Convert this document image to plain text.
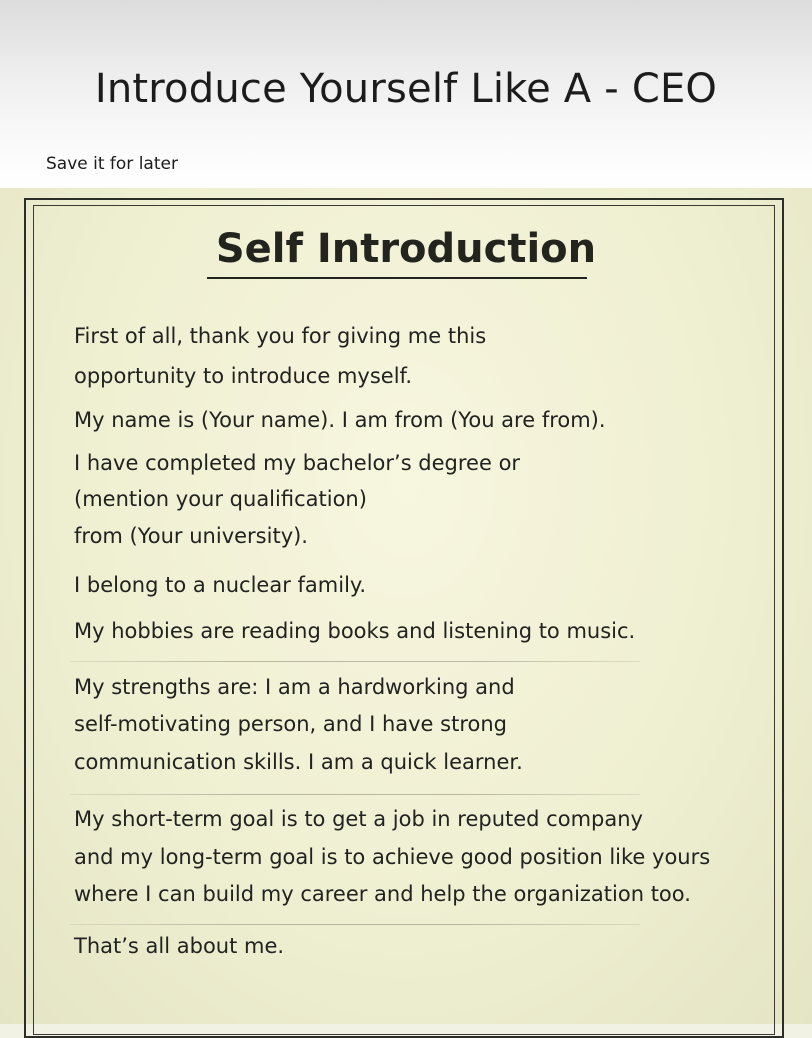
Introduce Yourself Like A - CEO
Save it for later
Self Introduction
First of all, thank you for giving me this
opportunity to introduce myself.
My name is (Your name). I am from (You are from).
I have completed my bachelor’s degree or
(mention your qualification)
from (Your university).
I belong to a nuclear family.
My hobbies are reading books and listening to music.
My strengths are: I am a hardworking and
self-motivating person, and I have strong
communication skills. I am a quick learner.
My short-term goal is to get a job in reputed company
and my long-term goal is to achieve good position like yours
where I can build my career and help the organization too.
That’s all about me.
